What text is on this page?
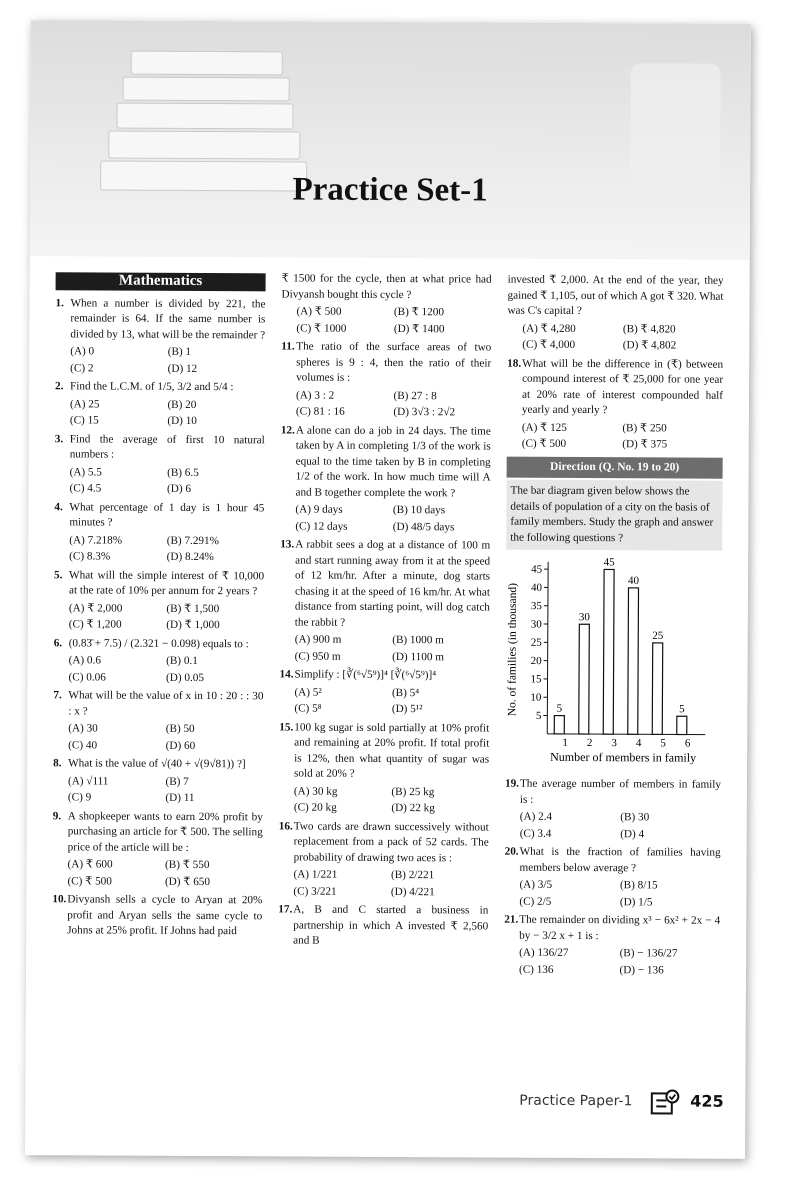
Practice Set-1
Mathematics
1. When a number is divided by 221, the remainder is 64. If the same number is divided by 13, what will be the remainder ?
(A) 0	(B) 1
(C) 2	(D) 12
2. Find the L.C.M. of 1/5, 3/2 and 5/4 :
(A) 25	(B) 20
(C) 15	(D) 10
3. Find the average of first 10 natural numbers :
(A) 5.5	(B) 6.5
(C) 4.5	(D) 6
4. What percentage of 1 day is 1 hour 45 minutes ?
(A) 7.218%	(B) 7.291%
(C) 8.3%	(D) 8.24%
5. What will the simple interest of ₹ 10,000 at the rate of 10% per annum for 2 years ?
(A) ₹ 2,000	(B) ₹ 1,500
(C) ₹ 1,200	(D) ₹ 1,000
6. (0.83̄ + 7.5) / (2.321 − 0.098) equals to :
(A) 0.6	(B) 0.1
(C) 0.06	(D) 0.05
7. What will be the value of x in 10 : 20 : : 30 : x ?
(A) 30	(B) 50
(C) 40	(D) 60
8. What is the value of √(40 + √(9√81)) ?]
(A) √111	(B) 7
(C) 9	(D) 11
9. A shopkeeper wants to earn 20% profit by purchasing an article for ₹ 500. The selling price of the article will be :
(A) ₹ 600	(B) ₹ 550
(C) ₹ 500	(D) ₹ 650
10. Divyansh sells a cycle to Aryan at 20% profit and Aryan sells the same cycle to Johns at 25% profit. If Johns had paid
₹ 1500 for the cycle, then at what price had Divyansh bought this cycle ?
(A) ₹ 500	(B) ₹ 1200
(C) ₹ 1000	(D) ₹ 1400
11. The ratio of the surface areas of two spheres is 9 : 4, then the ratio of their volumes is :
(A) 3 : 2	(B) 27 : 8
(C) 81 : 16	(D) 3√3 : 2√2
12. A alone can do a job in 24 days. The time taken by A in completing 1/3 of the work is equal to the time taken by B in completing 1/2 of the work. In how much time will A and B together complete the work ?
(A) 9 days	(B) 10 days
(C) 12 days	(D) 48/5 days
13. A rabbit sees a dog at a distance of 100 m and start running away from it at the speed of 12 km/hr. After a minute, dog starts chasing it at the speed of 16 km/hr. At what distance from starting point, will dog catch the rabbit ?
(A) 900 m	(B) 1000 m
(C) 950 m	(D) 1100 m
14. Simplify : [∛(⁶√5⁹)]⁴ [∛(⁶√5⁹)]⁴
(A) 5²	(B) 5⁴
(C) 5⁸	(D) 5¹²
15. 100 kg sugar is sold partially at 10% profit and remaining at 20% profit. If total profit is 12%, then what quantity of sugar was sold at 20% ?
(A) 30 kg	(B) 25 kg
(C) 20 kg	(D) 22 kg
16. Two cards are drawn successively without replacement from a pack of 52 cards. The probability of drawing two aces is :
(A) 1/221	(B) 2/221
(C) 3/221	(D) 4/221
17. A, B and C started a business in partnership in which A invested ₹ 2,560 and B
invested ₹ 2,000. At the end of the year, they gained ₹ 1,105, out of which A got ₹ 320. What was C's capital ?
(A) ₹ 4,280	(B) ₹ 4,820
(C) ₹ 4,000	(D) ₹ 4,802
18. What will be the difference in (₹) between compound interest of ₹ 25,000 for one year at 20% rate of interest compounded half yearly and yearly ?
(A) ₹ 125	(B) ₹ 250
(C) ₹ 500	(D) ₹ 375
Direction (Q. No. 19 to 20)
The bar diagram given below shows the details of population of a city on the basis of family members. Study the graph and answer the following questions ?
5
10
15
20
25
30
35
40
45
5
1
30
2
45
3
40
4
25
5
5
6
Number of members in family
No. of families (in thousand)
19. The average number of members in family is :
(A) 2.4	(B) 30
(C) 3.4	(D) 4
20. What is the fraction of families having members below average ?
(A) 3/5	(B) 8/15
(C) 2/5	(D) 1/5
21. The remainder on dividing x³ − 6x² + 2x − 4 by − 3/2 x + 1 is :
(A) 136/27	(B) − 136/27
(C) 136	(D) − 136
Practice Paper-1	425
